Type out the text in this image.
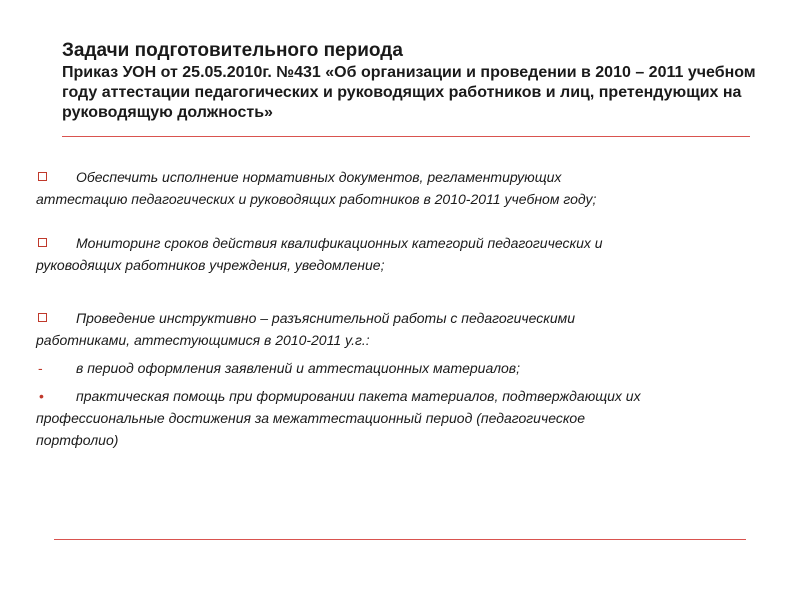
Задачи подготовительного периода

Приказ УОН от 25.05.2010г. №431 «Об организации и проведении в 2010 – 2011 учебном году аттестации педагогических и руководящих работников и лиц, претендующих на руководящую должность»

Обеспечить исполнение нормативных документов, регламентирующих
аттестацию педагогических и руководящих работников в 2010-2011 учебном году;

Мониторинг сроков действия квалификационных категорий педагогических и
руководящих работников учреждения, уведомление;

Проведение инструктивно – разъяснительной работы с педагогическими
работниками, аттестующимися в 2010-2011 у.г.:

- в период оформления заявлений и аттестационных материалов;

• практическая помощь при формировании пакета материалов, подтверждающих их
профессиональные достижения за межаттестационный период (педагогическое
портфолио)
